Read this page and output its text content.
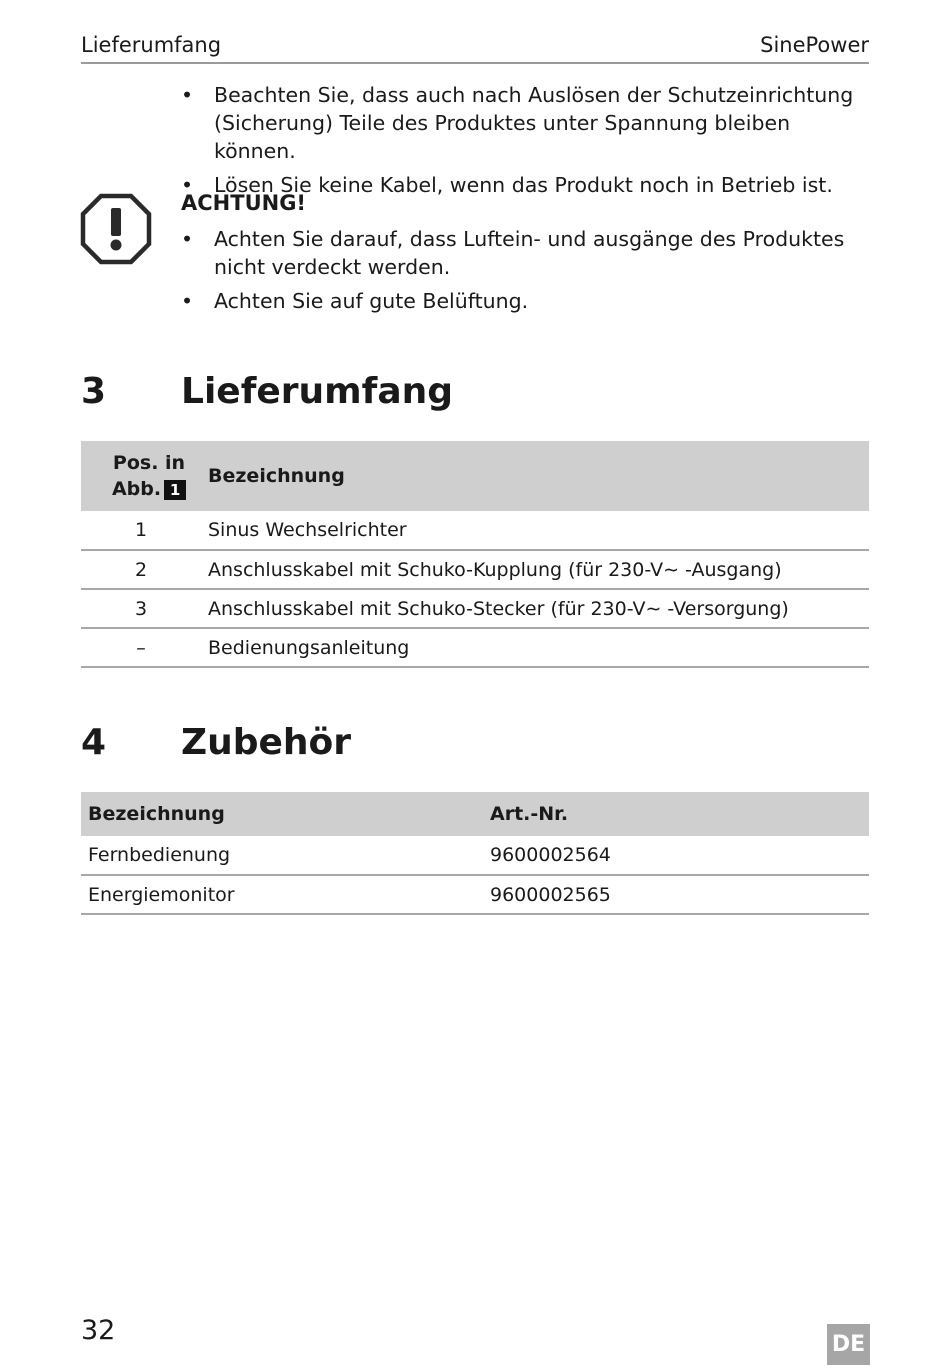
Lieferumfang	SinePower
• Beachten Sie, dass auch nach Auslösen der Schutzeinrichtung (Sicherung) Teile des Produktes unter Spannung bleiben können.
• Lösen Sie keine Kabel, wenn das Produkt noch in Betrieb ist.
ACHTUNG!
• Achten Sie darauf, dass Luftein- und ausgänge des Produktes nicht verdeckt werden.
• Achten Sie auf gute Belüftung.
3 Lieferumfang
Pos. in
Abb. 1	Bezeichnung
1	Sinus Wechselrichter
2	Anschlusskabel mit Schuko-Kupplung (für 230-V∼ -Ausgang)
3	Anschlusskabel mit Schuko-Stecker (für 230-V∼ -Versorgung)
–	Bedienungsanleitung
4 Zubehör
Bezeichnung	Art.-Nr.
Fernbedienung	9600002564
Energiemonitor	9600002565
32	DE
